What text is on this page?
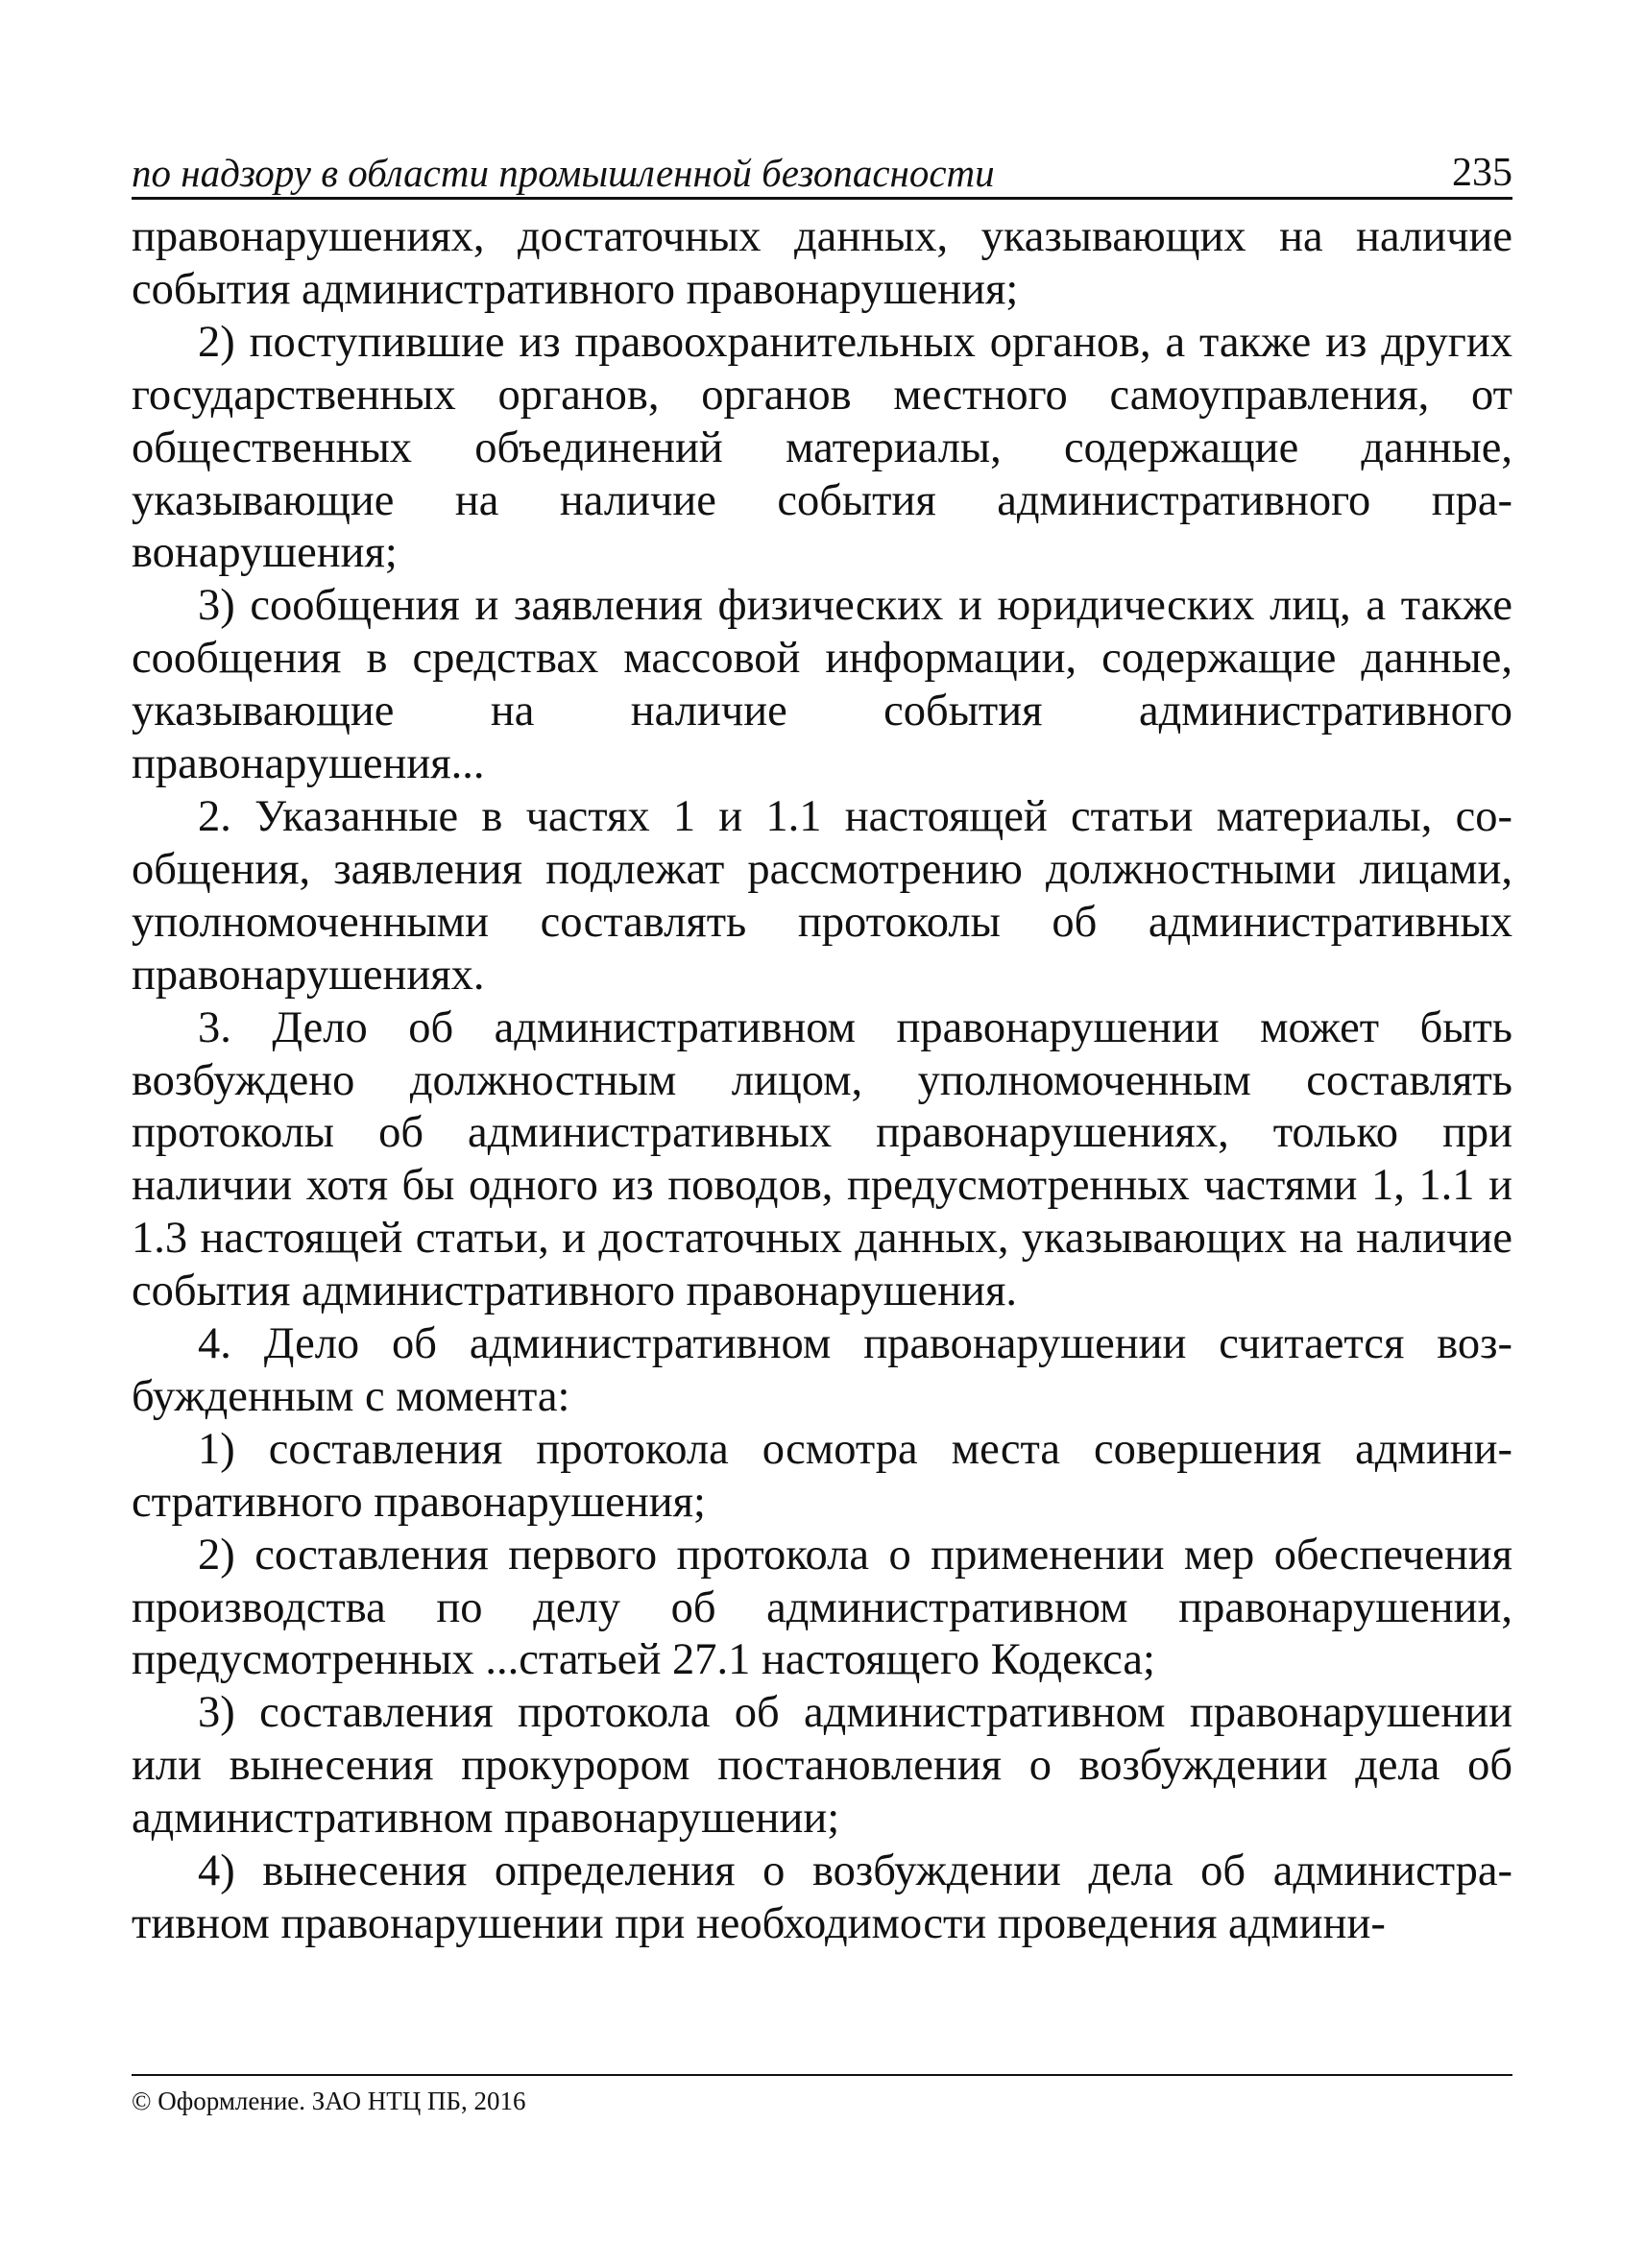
по надзору в области промышленной безопасности	235

правонарушениях, достаточных данных, указывающих на наличие события административного правонарушения;

2) поступившие из правоохранительных органов, а также из других государственных органов, органов местного самоуправления, от общественных объединений материалы, содержащие данные, указывающие на наличие события административного правонарушения;

3) сообщения и заявления физических и юридических лиц, а также сообщения в средствах массовой информации, содержащие данные, указывающие на наличие события административного правонарушения...

2. Указанные в частях 1 и 1.1 настоящей статьи материалы, сообщения, заявления подлежат рассмотрению должностными лицами, уполномоченными составлять протоколы об административных правонарушениях.

3. Дело об административном правонарушении может быть возбуждено должностным лицом, уполномоченным составлять протоколы об административных правонарушениях, только при наличии хотя бы одного из поводов, предусмотренных частями 1, 1.1 и 1.3 настоящей статьи, и достаточных данных, указывающих на наличие события административного правонарушения.

4. Дело об административном правонарушении считается возбужденным с момента:

1) составления протокола осмотра места совершения административного правонарушения;

2) составления первого протокола о применении мер обеспечения производства по делу об административном правонарушении, предусмотренных ...статьей 27.1 настоящего Кодекса;

3) составления протокола об административном правонарушении или вынесения прокурором постановления о возбуждении дела об административном правонарушении;

4) вынесения определения о возбуждении дела об административном правонарушении при необходимости проведения админи-

© Оформление. ЗАО НТЦ ПБ, 2016
